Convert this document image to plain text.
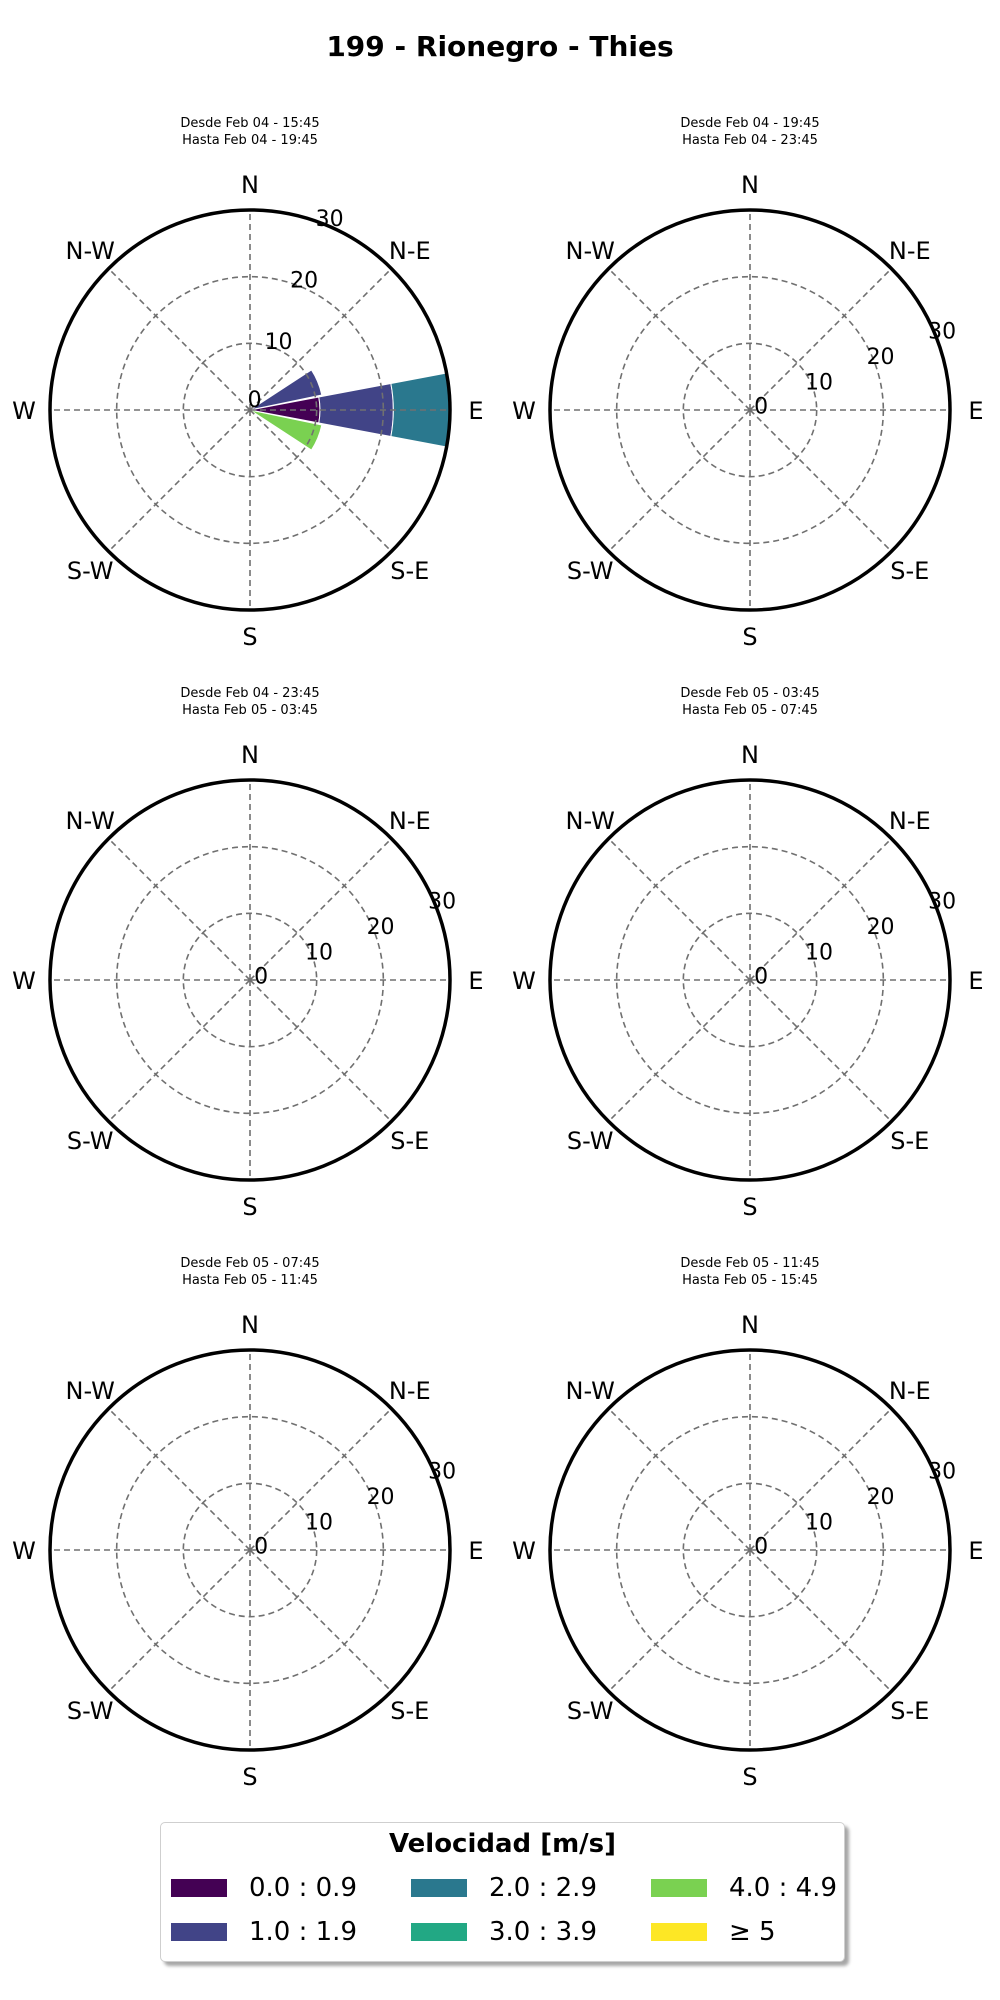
199 - Rionegro - Thies
Desde Feb 04 - 15:45
Hasta Feb 04 - 19:45
N
N-E
E
S-E
S
S-W
W
N-W
0
10
20
30
Desde Feb 04 - 19:45
Hasta Feb 04 - 23:45
N
N-E
E
S-E
S
S-W
W
N-W
0
10
20
30
Desde Feb 04 - 23:45
Hasta Feb 05 - 03:45
N
N-E
E
S-E
S
S-W
W
N-W
0
10
20
30
Desde Feb 05 - 03:45
Hasta Feb 05 - 07:45
N
N-E
E
S-E
S
S-W
W
N-W
0
10
20
30
Desde Feb 05 - 07:45
Hasta Feb 05 - 11:45
N
N-E
E
S-E
S
S-W
W
N-W
0
10
20
30
Desde Feb 05 - 11:45
Hasta Feb 05 - 15:45
N
N-E
E
S-E
S
S-W
W
N-W
0
10
20
30
Velocidad [m/s]
0.0 : 0.9
1.0 : 1.9
2.0 : 2.9
3.0 : 3.9
4.0 : 4.9
≥ 5
